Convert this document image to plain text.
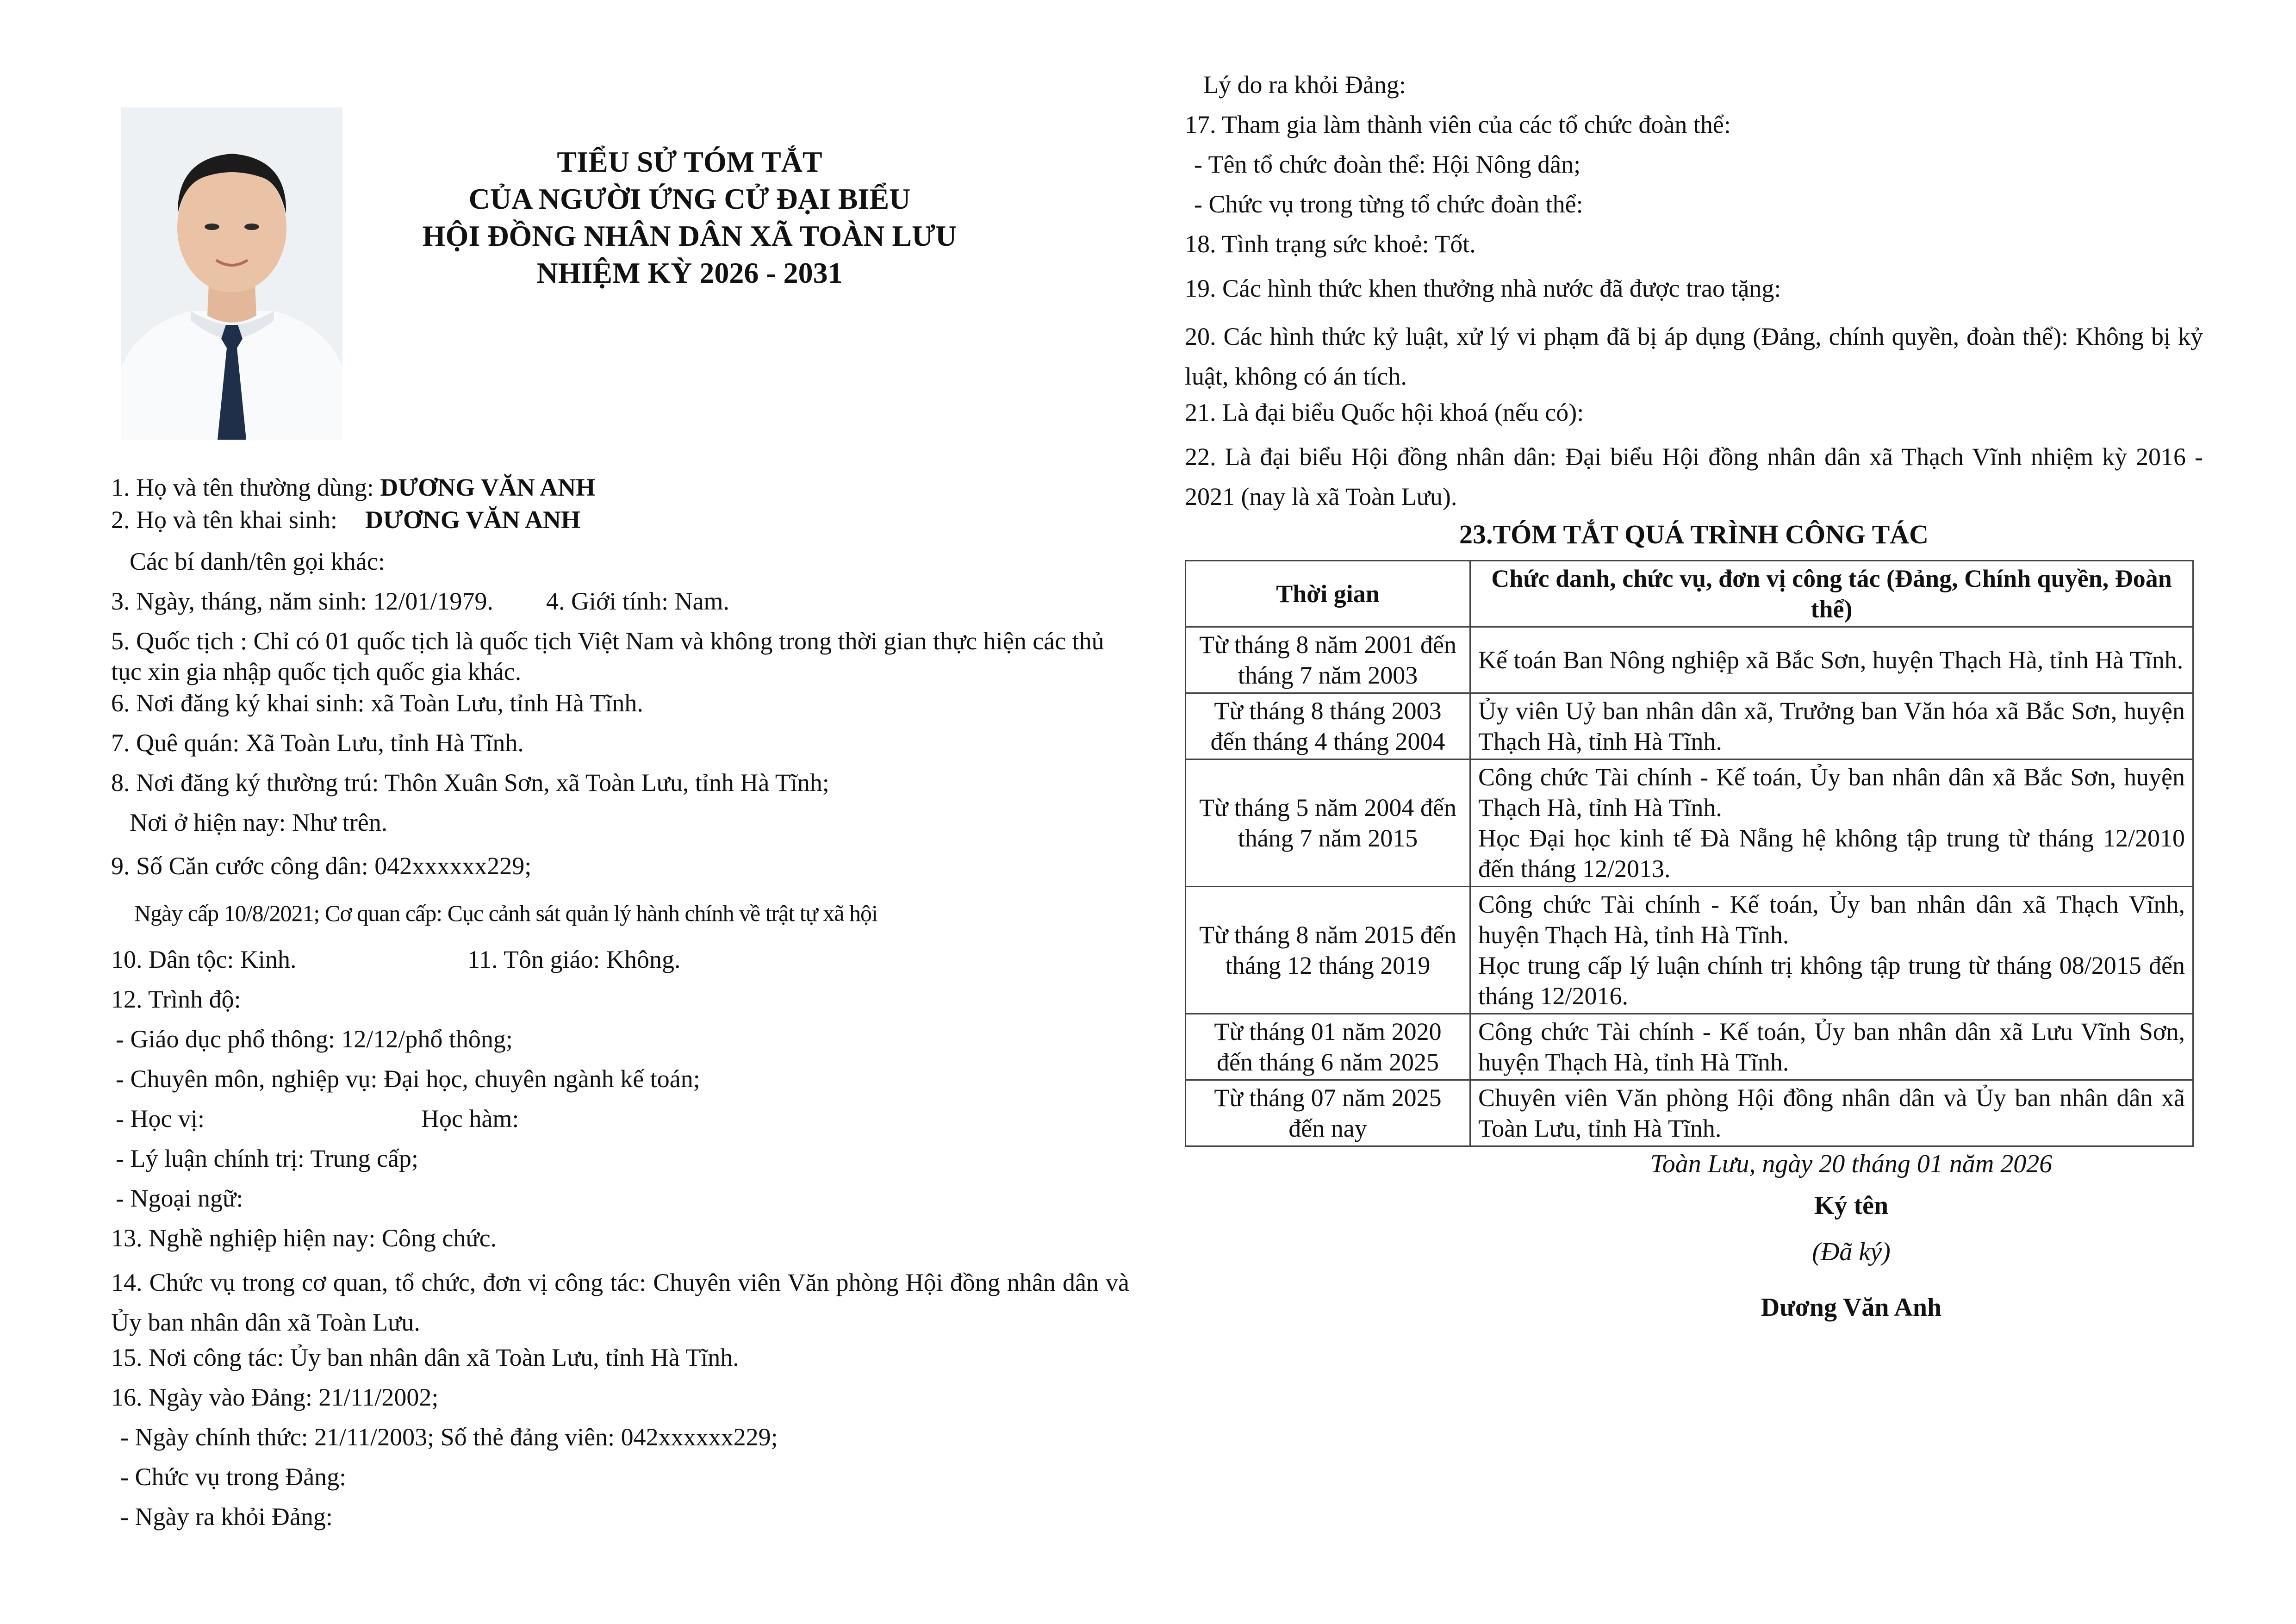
TIỂU SỬ TÓM TẮT
CỦA NGƯỜI ỨNG CỬ ĐẠI BIỂU
HỘI ĐỒNG NHÂN DÂN XÃ TOÀN LƯU
NHIỆM KỲ 2026 - 2031
1. Họ và tên thường dùng: DƯƠNG VĂN ANH
2. Họ và tên khai sinh: DƯƠNG VĂN ANH
Các bí danh/tên gọi khác:
3. Ngày, tháng, năm sinh: 12/01/1979. 4. Giới tính: Nam.
5. Quốc tịch : Chỉ có 01 quốc tịch là quốc tịch Việt Nam và không trong thời gian thực hiện các thủ tục xin gia nhập quốc tịch quốc gia khác.
6. Nơi đăng ký khai sinh: xã Toàn Lưu, tỉnh Hà Tĩnh.
7. Quê quán: Xã Toàn Lưu, tỉnh Hà Tĩnh.
8. Nơi đăng ký thường trú: Thôn Xuân Sơn, xã Toàn Lưu, tỉnh Hà Tĩnh;
Nơi ở hiện nay: Như trên.
9. Số Căn cước công dân: 042xxxxxx229;
Ngày cấp 10/8/2021; Cơ quan cấp: Cục cảnh sát quản lý hành chính về trật tự xã hội
10. Dân tộc: Kinh.	11. Tôn giáo: Không.
12. Trình độ:
- Giáo dục phổ thông: 12/12/phổ thông;
- Chuyên môn, nghiệp vụ: Đại học, chuyên ngành kế toán;
- Học vị:	Học hàm:
- Lý luận chính trị: Trung cấp;
- Ngoại ngữ:
13. Nghề nghiệp hiện nay: Công chức.
14. Chức vụ trong cơ quan, tổ chức, đơn vị công tác: Chuyên viên Văn phòng Hội đồng nhân dân và Ủy ban nhân dân xã Toàn Lưu.
15. Nơi công tác: Ủy ban nhân dân xã Toàn Lưu, tỉnh Hà Tĩnh.
16. Ngày vào Đảng: 21/11/2002;
- Ngày chính thức: 21/11/2003; Số thẻ đảng viên: 042xxxxxx229;
- Chức vụ trong Đảng:
- Ngày ra khỏi Đảng:
Lý do ra khỏi Đảng:
17. Tham gia làm thành viên của các tổ chức đoàn thể:
- Tên tổ chức đoàn thể: Hội Nông dân;
- Chức vụ trong từng tổ chức đoàn thể:
18. Tình trạng sức khoẻ: Tốt.
19. Các hình thức khen thưởng nhà nước đã được trao tặng:
20. Các hình thức kỷ luật, xử lý vi phạm đã bị áp dụng (Đảng, chính quyền, đoàn thể): Không bị kỷ luật, không có án tích.
21. Là đại biểu Quốc hội khoá (nếu có):
22. Là đại biểu Hội đồng nhân dân: Đại biểu Hội đồng nhân dân xã Thạch Vĩnh nhiệm kỳ 2016 - 2021 (nay là xã Toàn Lưu).
23.TÓM TẮT QUÁ TRÌNH CÔNG TÁC
Thời gian	Chức danh, chức vụ, đơn vị công tác (Đảng, Chính quyền, Đoàn thể)
Từ tháng 8 năm 2001 đến tháng 7 năm 2003	Kế toán Ban Nông nghiệp xã Bắc Sơn, huyện Thạch Hà, tỉnh Hà Tĩnh.
Từ tháng 8 tháng 2003 đến tháng 4 tháng 2004	Ủy viên Uỷ ban nhân dân xã, Trưởng ban Văn hóa xã Bắc Sơn, huyện Thạch Hà, tỉnh Hà Tĩnh.
Từ tháng 5 năm 2004 đến tháng 7 năm 2015	Công chức Tài chính - Kế toán, Ủy ban nhân dân xã Bắc Sơn, huyện Thạch Hà, tỉnh Hà Tĩnh.
Học Đại học kinh tế Đà Nẵng hệ không tập trung từ tháng 12/2010 đến tháng 12/2013.

Từ tháng 8 năm 2015 đến tháng 12 tháng 2019	Công chức Tài chính - Kế toán, Ủy ban nhân dân xã Thạch Vĩnh, huyện Thạch Hà, tỉnh Hà Tĩnh.
Học trung cấp lý luận chính trị không tập trung từ tháng 08/2015 đến tháng 12/2016.

Từ tháng 01 năm 2020 đến tháng 6 năm 2025	Công chức Tài chính - Kế toán, Ủy ban nhân dân xã Lưu Vĩnh Sơn, huyện Thạch Hà, tỉnh Hà Tĩnh.
Từ tháng 07 năm 2025 đến nay	Chuyên viên Văn phòng Hội đồng nhân dân và Ủy ban nhân dân xã Toàn Lưu, tỉnh Hà Tĩnh.
Toàn Lưu, ngày 20 tháng 01 năm 2026
Ký tên
(Đã ký)
Dương Văn Anh
